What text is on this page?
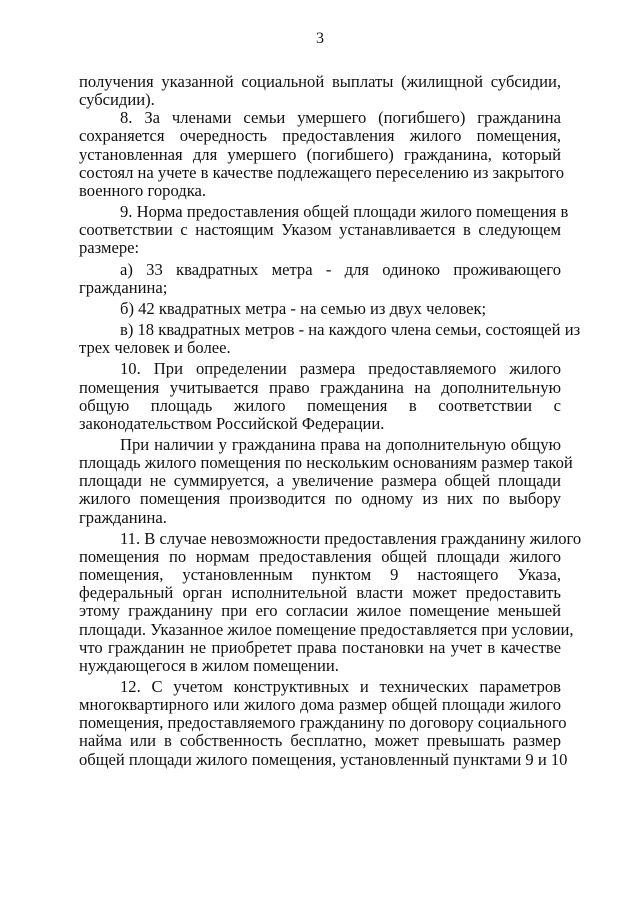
3

получения указанной социальной выплаты (жилищной субсидии,
субсидии).

8. За членами семьи умершего (погибшего) гражданина
сохраняется очередность предоставления жилого помещения,
установленная для умершего (погибшего) гражданина, который
состоял на учете в качестве подлежащего переселению из закрытого
военного городка.

9. Норма предоставления общей площади жилого помещения в
соответствии с настоящим Указом устанавливается в следующем
размере:

а) 33 квадратных метра - для одиноко проживающего
гражданина;

б) 42 квадратных метра - на семью из двух человек;

в) 18 квадратных метров - на каждого члена семьи, состоящей из
трех человек и более.

10. При определении размера предоставляемого жилого
помещения учитывается право гражданина на дополнительную
общую площадь жилого помещения в соответствии с
законодательством Российской Федерации.

При наличии у гражданина права на дополнительную общую
площадь жилого помещения по нескольким основаниям размер такой
площади не суммируется, а увеличение размера общей площади
жилого помещения производится по одному из них по выбору
гражданина.

11. В случае невозможности предоставления гражданину жилого
помещения по нормам предоставления общей площади жилого
помещения, установленным пунктом 9 настоящего Указа,
федеральный орган исполнительной власти может предоставить
этому гражданину при его согласии жилое помещение меньшей
площади. Указанное жилое помещение предоставляется при условии,
что гражданин не приобретет права постановки на учет в качестве
нуждающегося в жилом помещении.

12. С учетом конструктивных и технических параметров
многоквартирного или жилого дома размер общей площади жилого
помещения, предоставляемого гражданину по договору социального
найма или в собственность бесплатно, может превышать размер
общей площади жилого помещения, установленный пунктами 9 и 10
